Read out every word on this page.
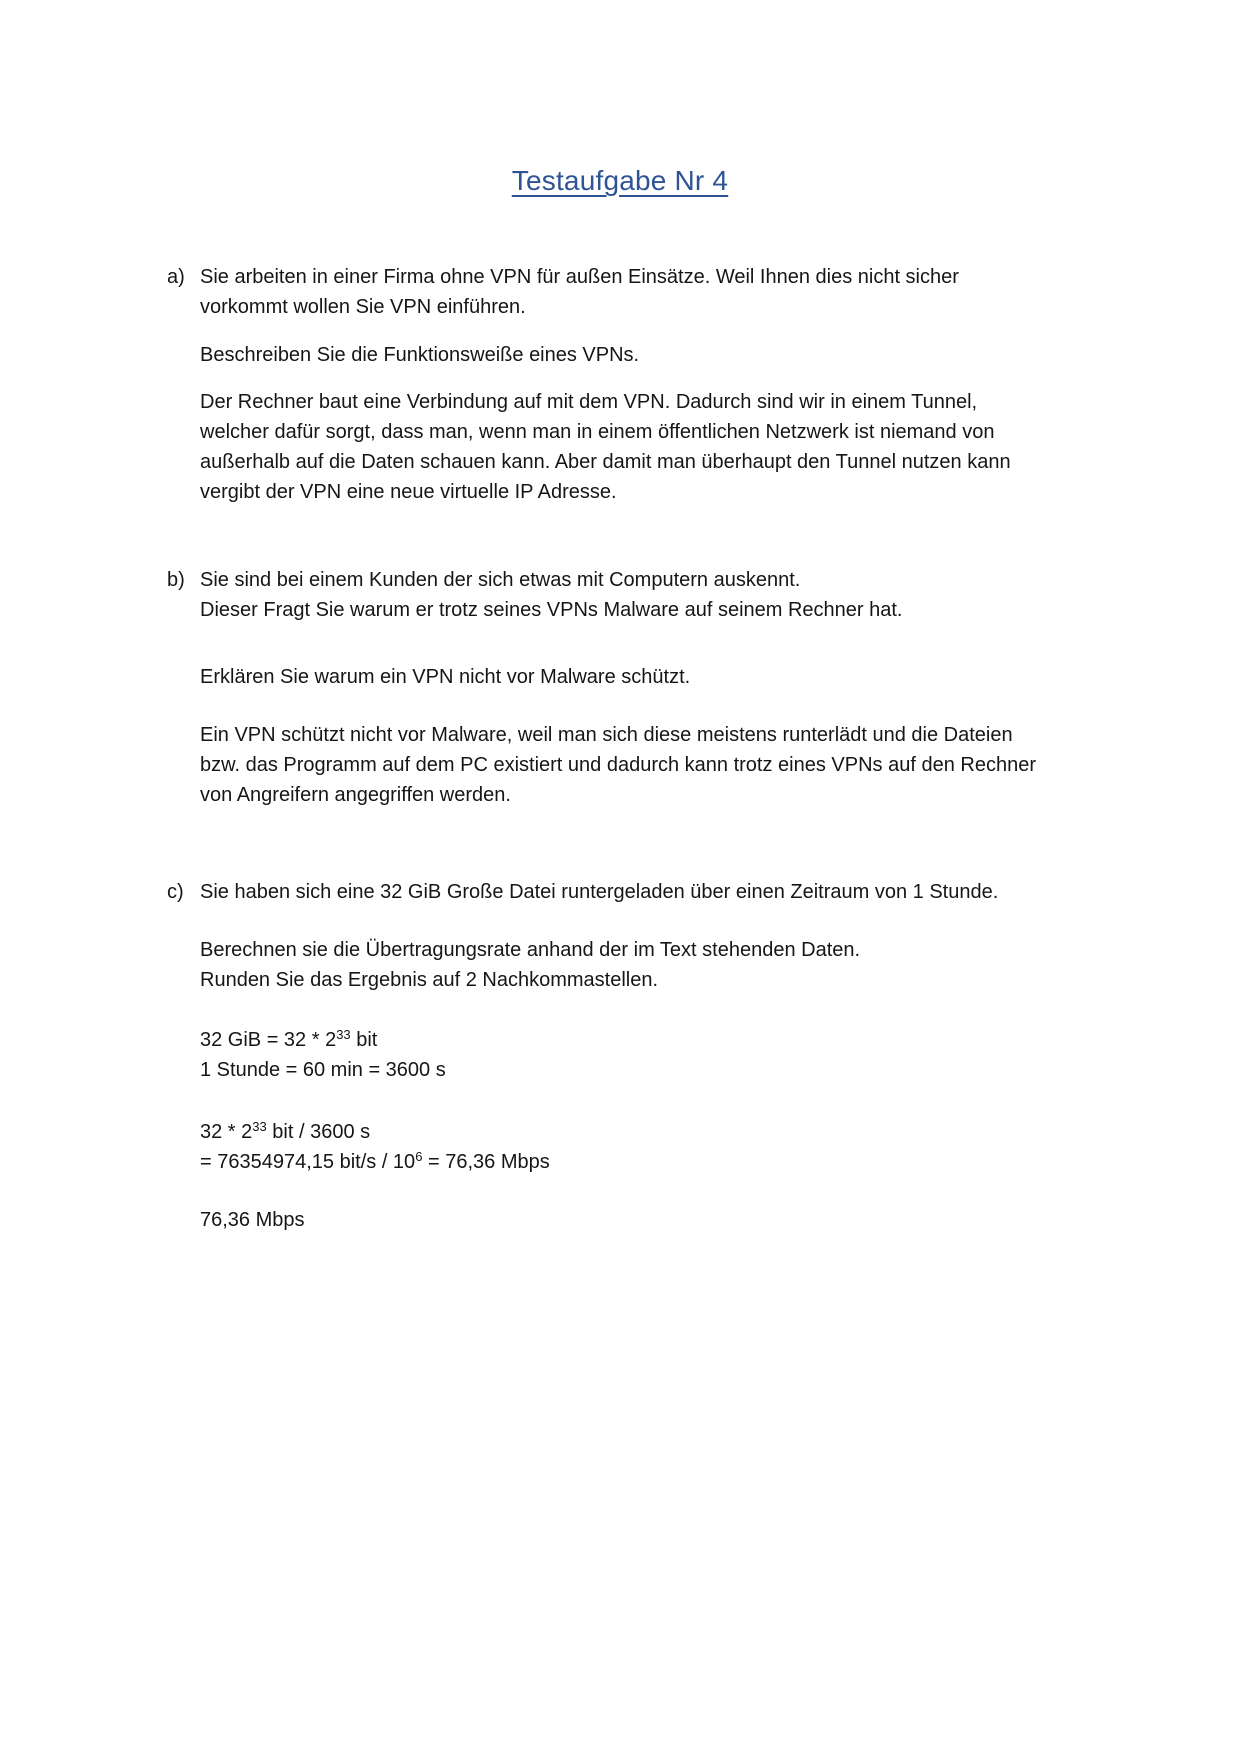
Testaufgabe Nr 4
a) Sie arbeiten in einer Firma ohne VPN für außen Einsätze. Weil Ihnen dies nicht sicher
vorkommt wollen Sie VPN einführen.
Beschreiben Sie die Funktionsweiße eines VPNs.
Der Rechner baut eine Verbindung auf mit dem VPN. Dadurch sind wir in einem Tunnel,
welcher dafür sorgt, dass man, wenn man in einem öffentlichen Netzwerk ist niemand von
außerhalb auf die Daten schauen kann. Aber damit man überhaupt den Tunnel nutzen kann
vergibt der VPN eine neue virtuelle IP Adresse.
b) Sie sind bei einem Kunden der sich etwas mit Computern auskennt.
Dieser Fragt Sie warum er trotz seines VPNs Malware auf seinem Rechner hat.
Erklären Sie warum ein VPN nicht vor Malware schützt.
Ein VPN schützt nicht vor Malware, weil man sich diese meistens runterlädt und die Dateien
bzw. das Programm auf dem PC existiert und dadurch kann trotz eines VPNs auf den Rechner
von Angreifern angegriffen werden.
c) Sie haben sich eine 32 GiB Große Datei runtergeladen über einen Zeitraum von 1 Stunde.
Berechnen sie die Übertragungsrate anhand der im Text stehenden Daten.
Runden Sie das Ergebnis auf 2 Nachkommastellen.
32 GiB = $32 * 2^{33}$ bit
1 Stunde = 60 min = 3600 s
$32 * 2^{33}$ bit / 3600 s
= 76354974,15 $bit/s / 10^6 = 76,36$ Mbps
76,36 Mbps
